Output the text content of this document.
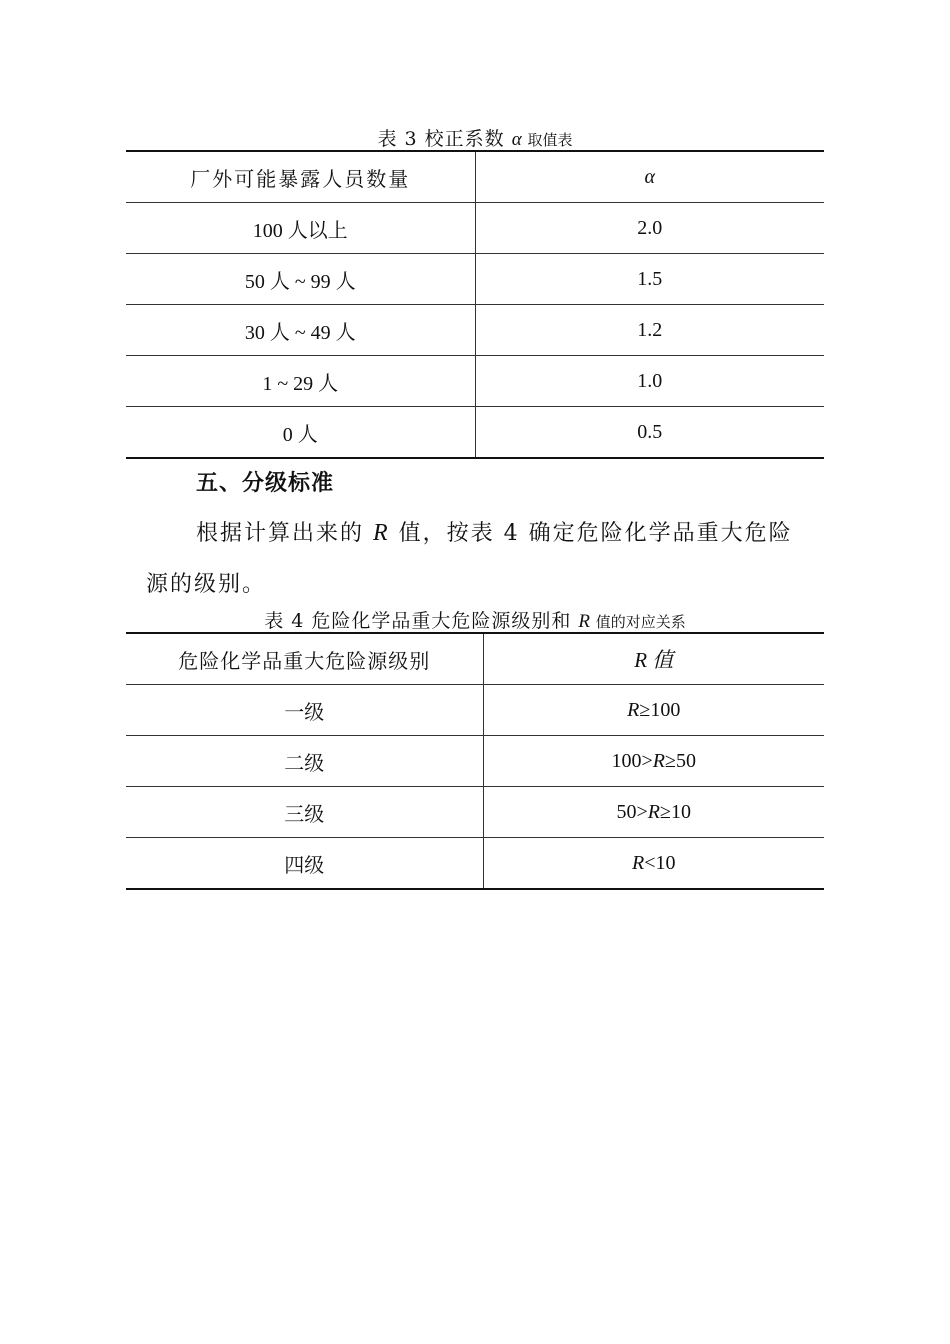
表 3 校正系数 α 取值表
厂外可能暴露人员数量	α
100 人以上	2.0
50 人 ~ 99 人	1.5
30 人 ~ 49 人	1.2
1 ~ 29 人	1.0
0 人	0.5
五、分级标准
根据计算出来的 R 值，按表 4 确定危险化学品重大危险
源的级别。
表 4 危险化学品重大危险源级别和 R 值的对应关系
危险化学品重大危险源级别	R 值
一级	R≥100
二级	100>R≥50
三级	50>R≥10
四级	R<10
